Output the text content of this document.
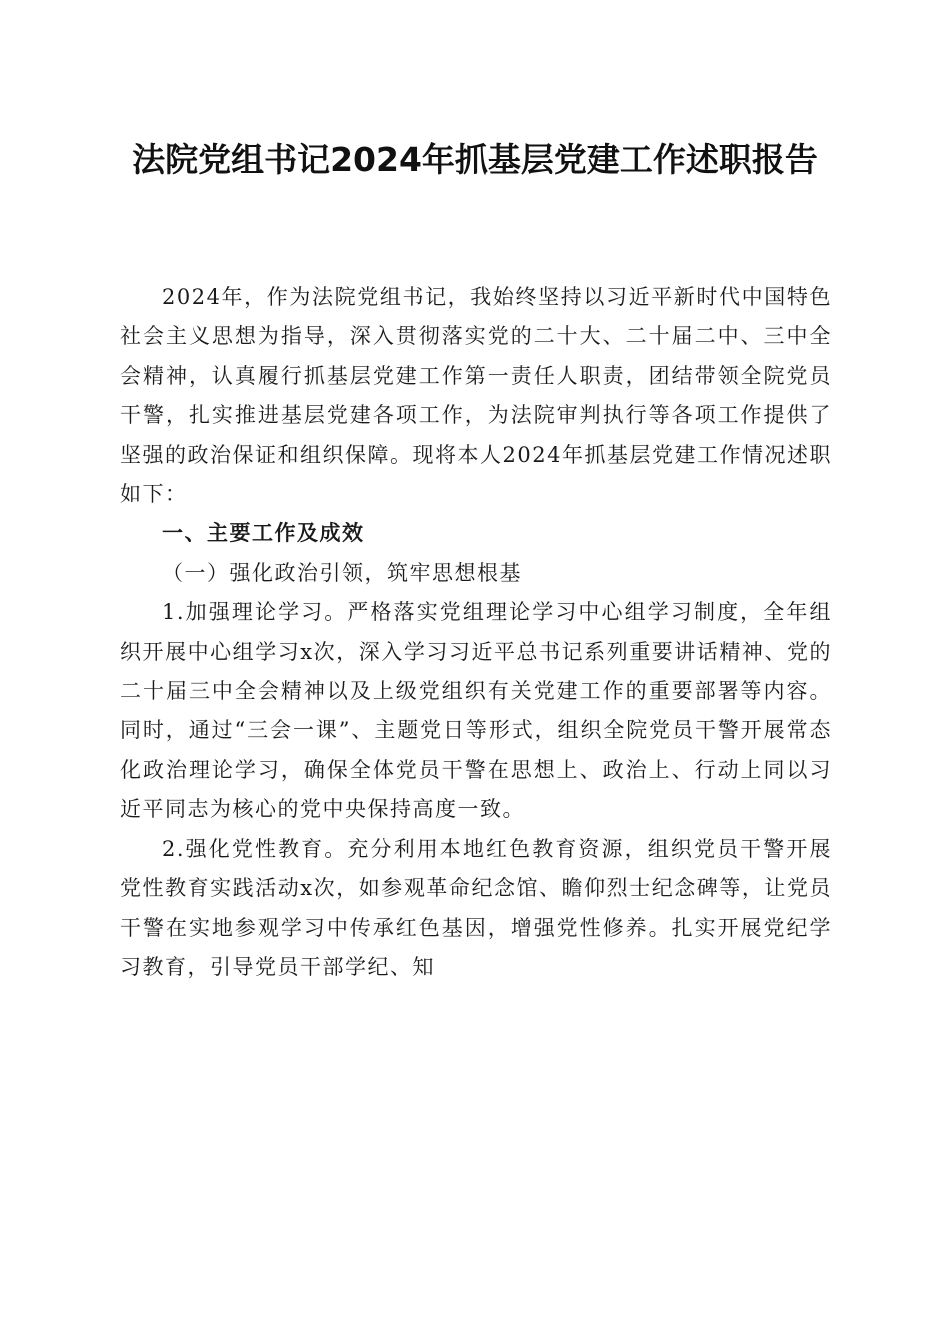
法院党组书记2024年抓基层党建工作述职报告

2024年，作为法院党组书记，我始终坚持以习近平新时代中国特色社会主义思想为指导，深入贯彻落实党的二十大、二十届二中、三中全会精神，认真履行抓基层党建工作第一责任人职责，团结带领全院党员干警，扎实推进基层党建各项工作，为法院审判执行等各项工作提供了坚强的政治保证和组织保障。现将本人2024年抓基层党建工作情况述职如下：

一、主要工作及成效

（一）强化政治引领，筑牢思想根基

1.加强理论学习。严格落实党组理论学习中心组学习制度，全年组织开展中心组学习x次，深入学习习近平总书记系列重要讲话精神、党的二十届三中全会精神以及上级党组织有关党建工作的重要部署等内容。同时，通过“三会一课”、主题党日等形式，组织全院党员干警开展常态化政治理论学习，确保全体党员干警在思想上、政治上、行动上同以习近平同志为核心的党中央保持高度一致。

2.强化党性教育。充分利用本地红色教育资源，组织党员干警开展党性教育实践活动x次，如参观革命纪念馆、瞻仰烈士纪念碑等，让党员干警在实地参观学习中传承红色基因，增强党性修养。扎实开展党纪学习教育，引导党员干部学纪、知
